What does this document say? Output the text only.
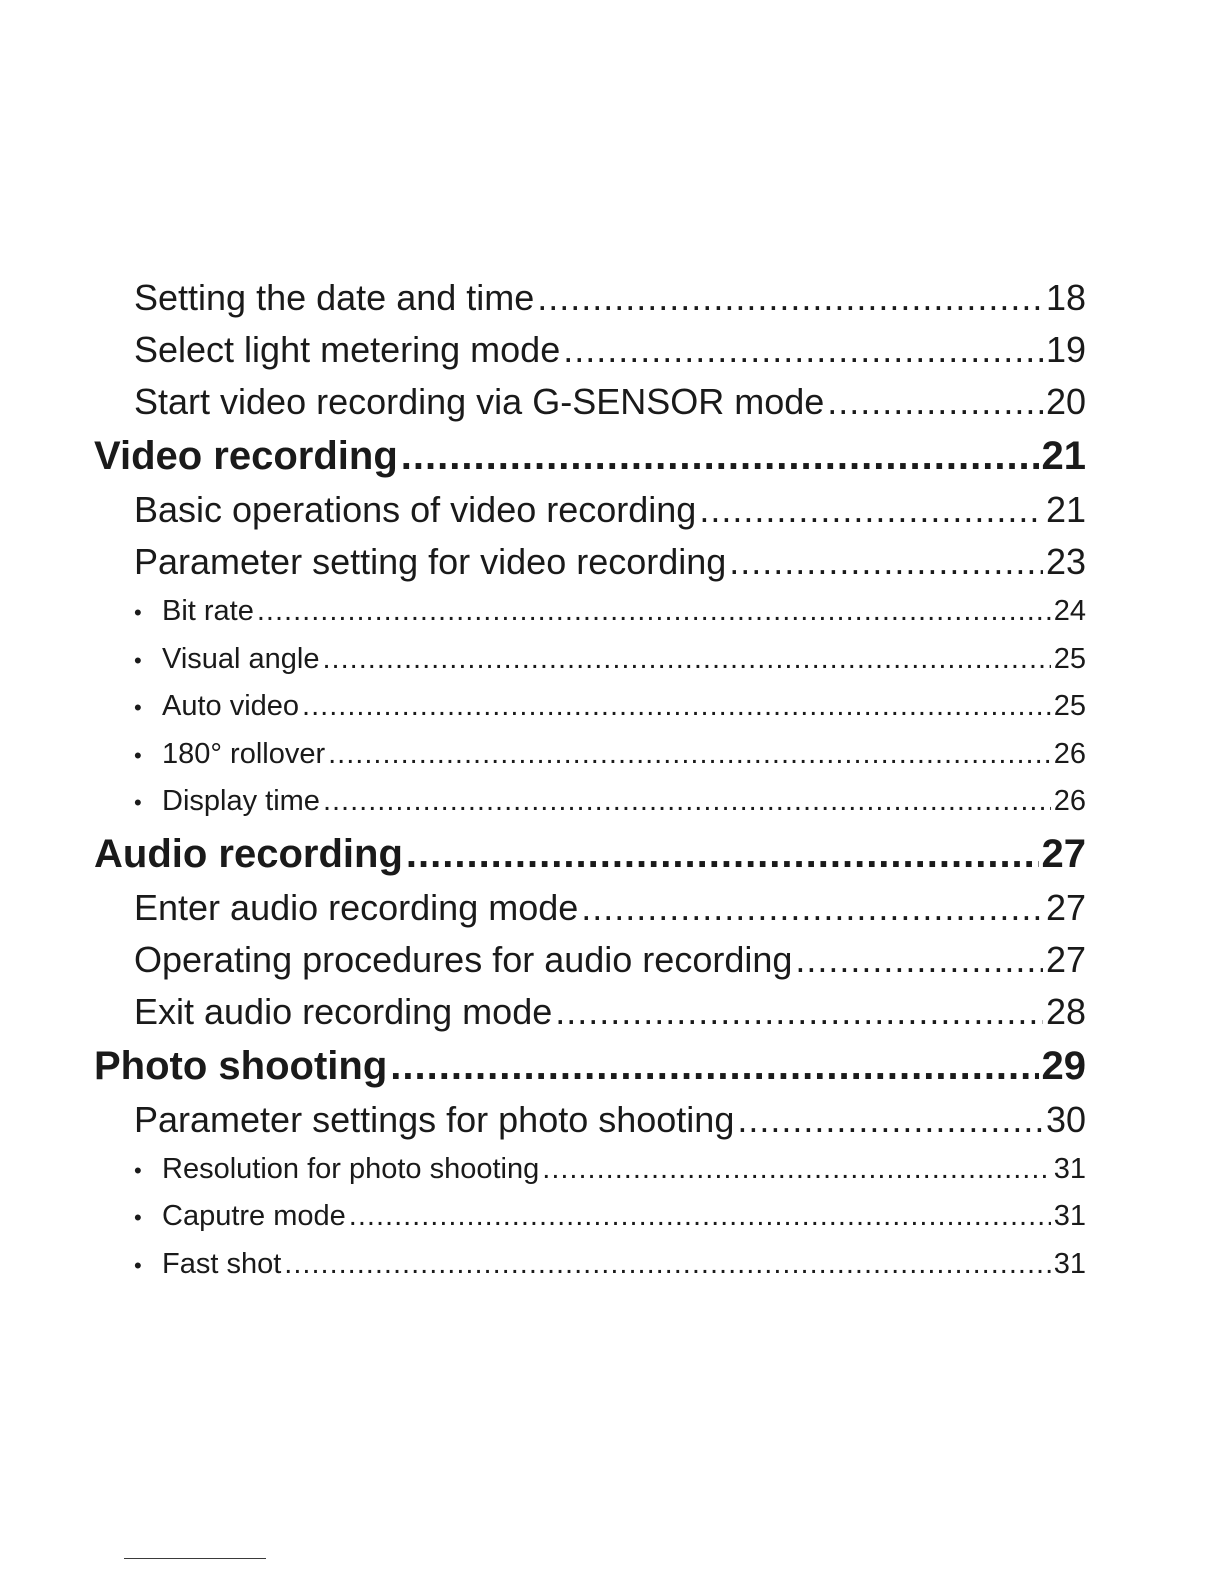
Setting the date and time .....	18
Select light metering mode .....	19
Start video recording via G-SENSOR mode .....	20
Video recording .....	21
Basic operations of video recording .....	21
Parameter setting for video recording .....	23
• Bit rate .....	24
• Visual angle .....	25
• Auto video .....	25
• 180° rollover .....	26
• Display time .....	26
Audio recording .....	27
Enter audio recording mode .....	27
Operating procedures for audio recording .....	27
Exit audio recording mode .....	28
Photo shooting .....	29
Parameter settings for photo shooting .....	30
• Resolution for photo shooting .....	31
• Caputre mode .....	31
• Fast shot .....	31
